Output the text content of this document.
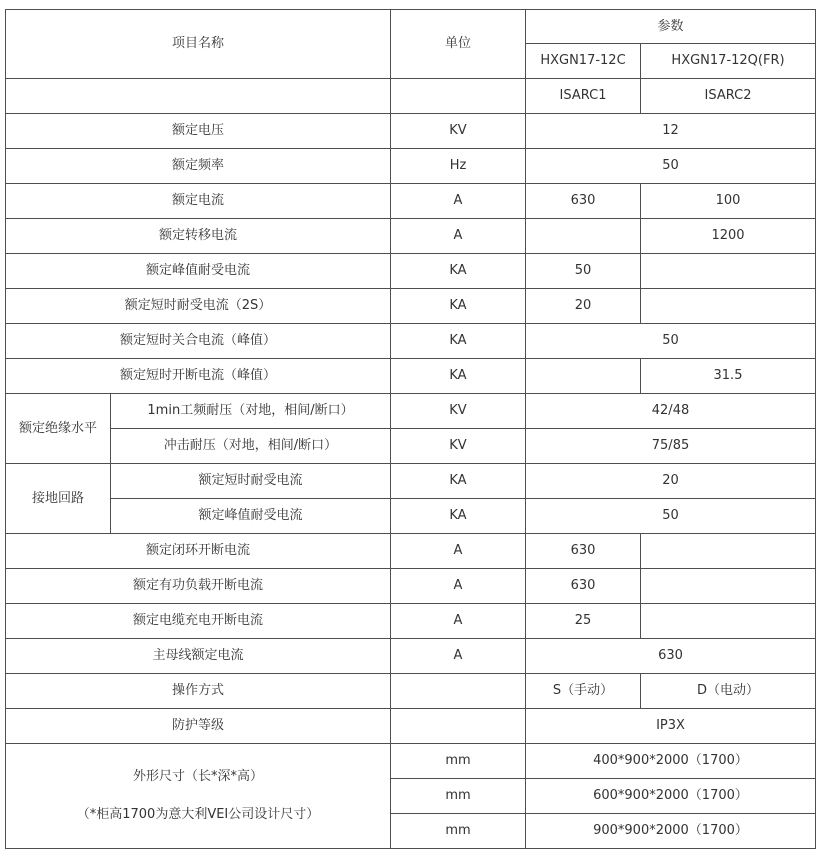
项目名称		单位	参数	
			HXGN17-12C	HXGN17-12Q(FR)
			ISARC1	ISARC2
额定电压		KV	12	
额定频率		Hz	50	
额定电流		A	630	100
额定转移电流		A		1200
额定峰值耐受电流		KA	50	
额定短时耐受电流（2S）		KA	20	
额定短时关合电流（峰值）		KA	50	
额定短时开断电流（峰值）		KA		31.5
额定绝缘水平	1min工频耐压（对地，相间/断口）	KV	42/48	
	冲击耐压（对地，相间/断口）	KV	75/85	
接地回路	额定短时耐受电流	KA	20	
	额定峰值耐受电流	KA	50	
额定闭环开断电流		A	630	
额定有功负载开断电流		A	630	
额定电缆充电开断电流		A	25	
主母线额定电流		A	630	
操作方式			S（手动）	D（电动）
防护等级			IP3X	
外形尺寸（长*深*高）
（*柜高1700为意大利VEI公司设计尺寸）		mm	400*900*2000（1700）	
		mm	600*900*2000（1700）	
		mm	900*900*2000（1700）	
